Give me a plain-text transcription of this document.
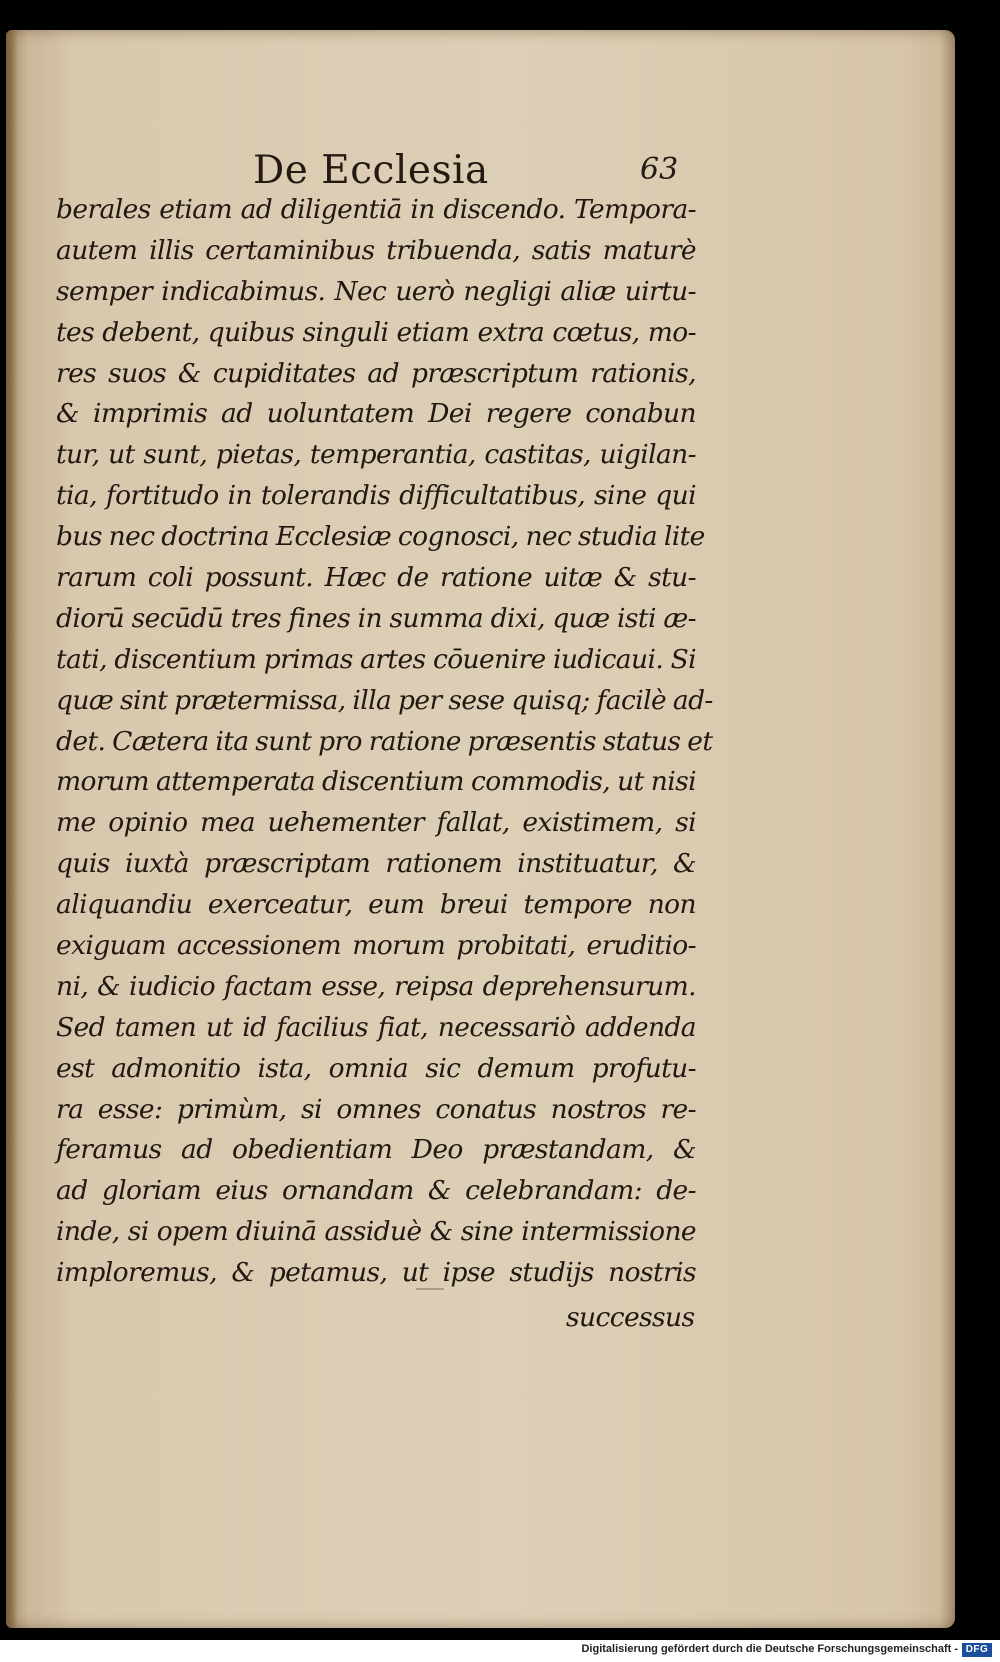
De Ecclesia	63
berales etiam ad diligentiā in discendo. Tempora-
autem illis certaminibus tribuenda, satis maturè
semper indicabimus. Nec uerò negligi aliæ uirtu-
tes debent, quibus singuli etiam extra cœtus, mo-
res suos & cupiditates ad præscriptum rationis,
& imprimis ad uoluntatem Dei regere conabun
tur, ut sunt, pietas, temperantia, castitas, uigilan-
tia, fortitudo in tolerandis difficultatibus, sine qui
bus nec doctrina Ecclesiæ cognosci, nec studia lite
rarum coli possunt. Hæc de ratione uitæ & stu-
diorū secūdū tres fines in summa dixi, quæ isti æ-
tati, discentium primas artes cōuenire iudicaui. Si
quæ sint prætermissa, illa per sese quisq; facilè ad-
det. Cætera ita sunt pro ratione præsentis status et
morum attemperata discentium commodis, ut nisi
me opinio mea uehementer fallat, existimem, si
quis iuxtà præscriptam rationem instituatur, &
aliquandiu exerceatur, eum breui tempore non
exiguam accessionem morum probitati, eruditio-
ni, & iudicio factam esse, reipsa deprehensurum.
Sed tamen ut id facilius fiat, necessariò addenda
est admonitio ista, omnia sic demum profutu-
ra esse: primùm, si omnes conatus nostros re-
feramus ad obedientiam Deo præstandam, &
ad gloriam eius ornandam & celebrandam: de-
inde, si opem diuinā assiduè & sine intermissione
imploremus, & petamus, ut ipse studijs nostris
successus
Digitalisierung gefördert durch die Deutsche Forschungsgemeinschaft - DFG
